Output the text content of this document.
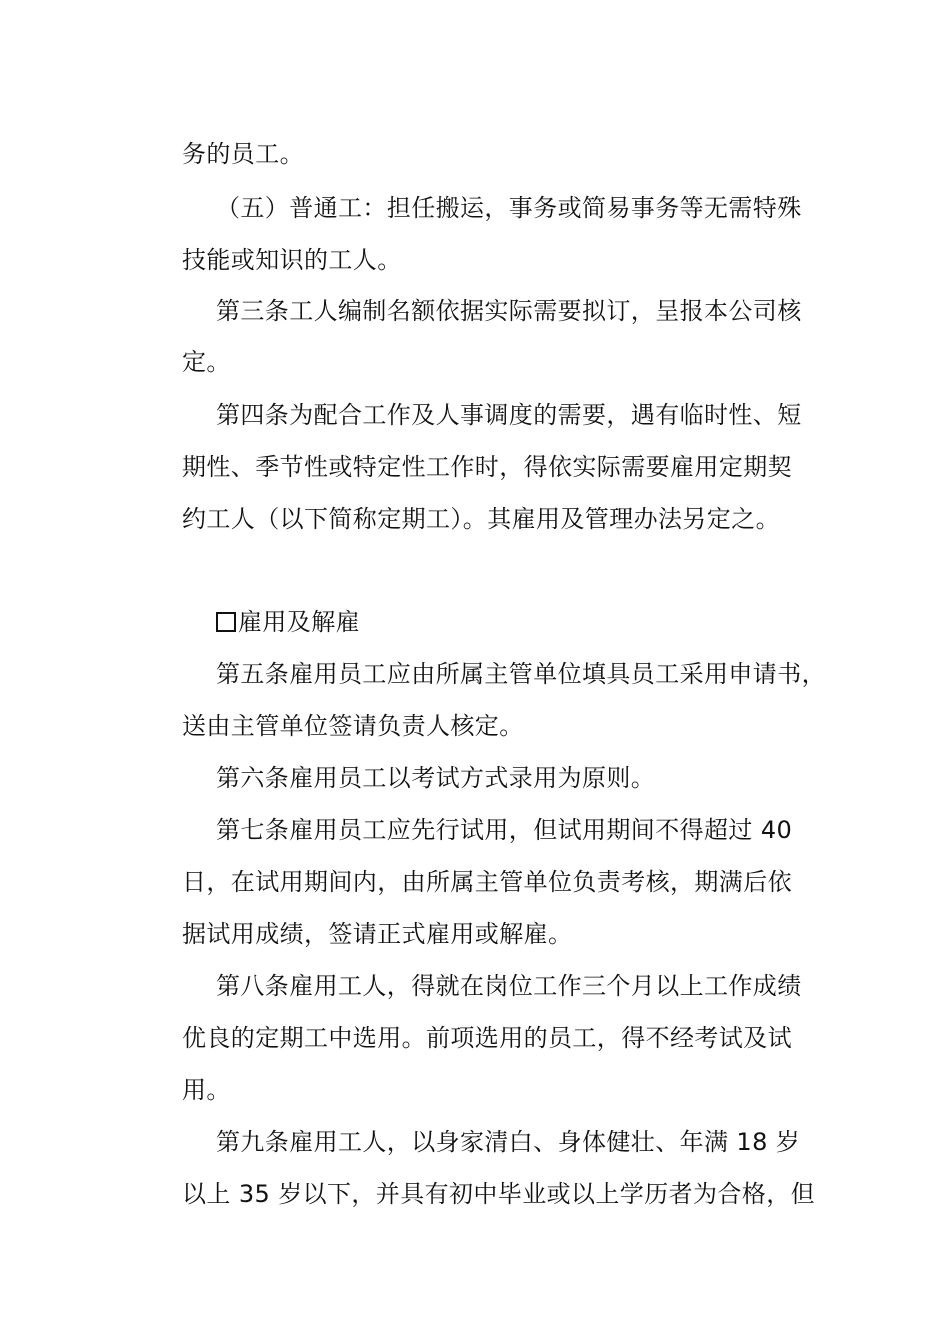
务的员工。
（五）普通工：担任搬运，事务或简易事务等无需特殊
技能或知识的工人。
第三条工人编制名额依据实际需要拟订，呈报本公司核
定。
第四条为配合工作及人事调度的需要，遇有临时性、短
期性、季节性或特定性工作时，得依实际需要雇用定期契
约工人（以下简称定期工）。其雇用及管理办法另定之。
雇用及解雇
第五条雇用员工应由所属主管单位填具员工采用申请书，
送由主管单位签请负责人核定。
第六条雇用员工以考试方式录用为原则。
第七条雇用员工应先行试用，但试用期间不得超过 40
日，在试用期间内，由所属主管单位负责考核，期满后依
据试用成绩，签请正式雇用或解雇。
第八条雇用工人，得就在岗位工作三个月以上工作成绩
优良的定期工中选用。前项选用的员工，得不经考试及试
用。
第九条雇用工人，以身家清白、身体健壮、年满 18 岁
以上 35 岁以下，并具有初中毕业或以上学历者为合格，但
